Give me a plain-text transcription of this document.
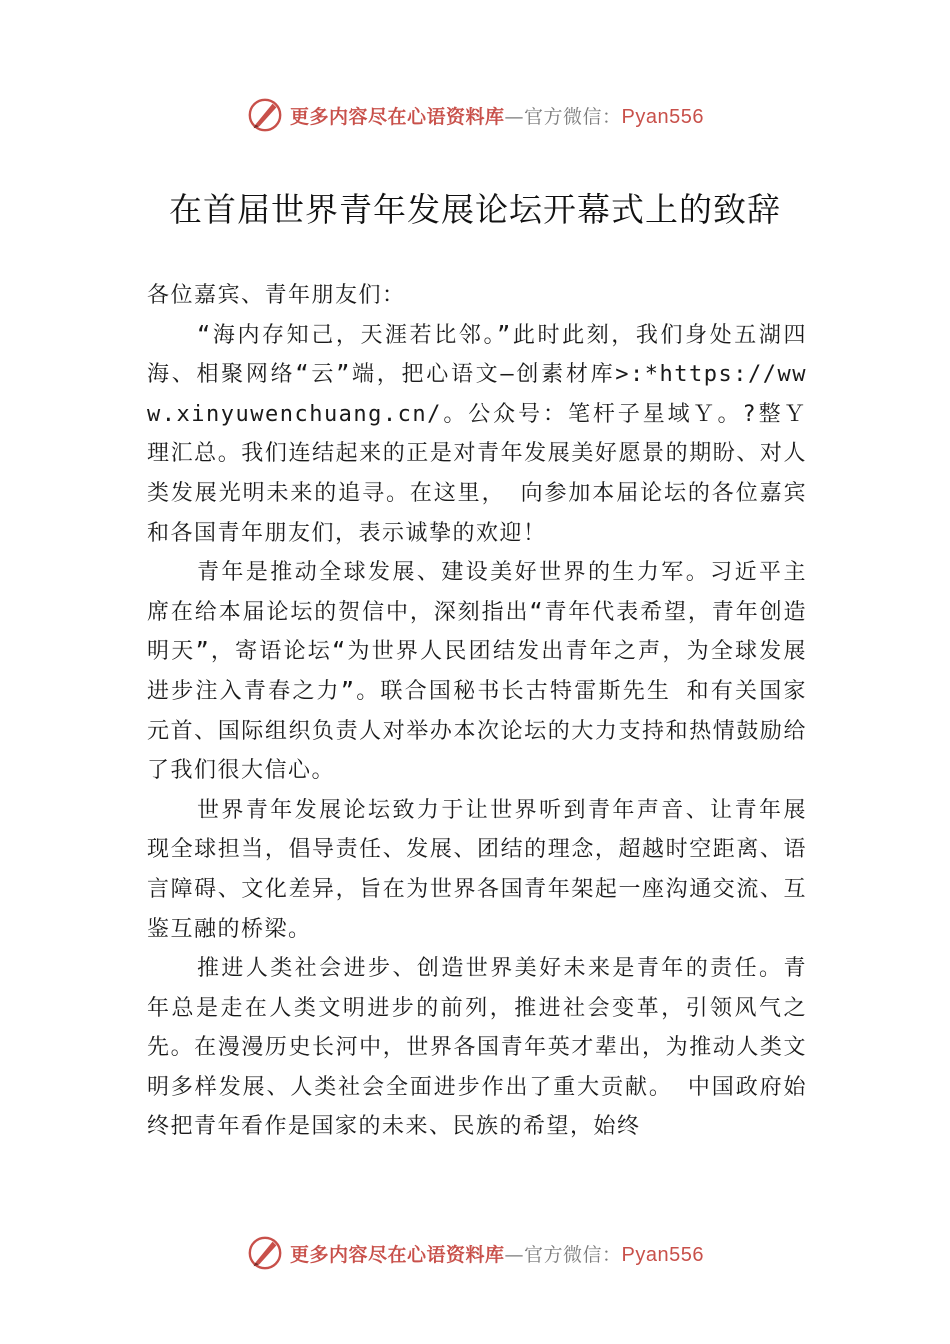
更多内容尽在心语资料库—官方微信：Pyan556
在首届世界青年发展论坛开幕式上的致辞

各位嘉宾、青年朋友们：

“海内存知己，天涯若比邻。”此时此刻，我们身处五湖四海、相聚网络“云”端，把心语文—创素材库>:*https://www.xinyuwenchuang.cn/。公众号：笔杆子星域Ｙ。?整Ｙ理汇总。我们连结起来的正是对青年发展美好愿景的期盼、对人类发展光明未来的追寻。在这里， 向参加本届论坛的各位嘉宾和各国青年朋友们，表示诚挚的欢迎！

青年是推动全球发展、建设美好世界的生力军。习近平主席在给本届论坛的贺信中，深刻指出“青年代表希望，青年创造明天”，寄语论坛“为世界人民团结发出青年之声，为全球发展进步注入青春之力”。联合国秘书长古特雷斯先生 和有关国家元首、国际组织负责人对举办本次论坛的大力支持和热情鼓励给了我们很大信心。

世界青年发展论坛致力于让世界听到青年声音、让青年展现全球担当，倡导责任、发展、团结的理念，超越时空距离、语言障碍、文化差异，旨在为世界各国青年架起一座沟通交流、互鉴互融的桥梁。

推进人类社会进步、创造世界美好未来是青年的责任。青年总是走在人类文明进步的前列，推进社会变革，引领风气之先。在漫漫历史长河中，世界各国青年英才辈出，为推动人类文明多样发展、人类社会全面进步作出了重大贡献。 中国政府始终把青年看作是国家的未来、民族的希望，始终

更多内容尽在心语资料库—官方微信：Pyan556
